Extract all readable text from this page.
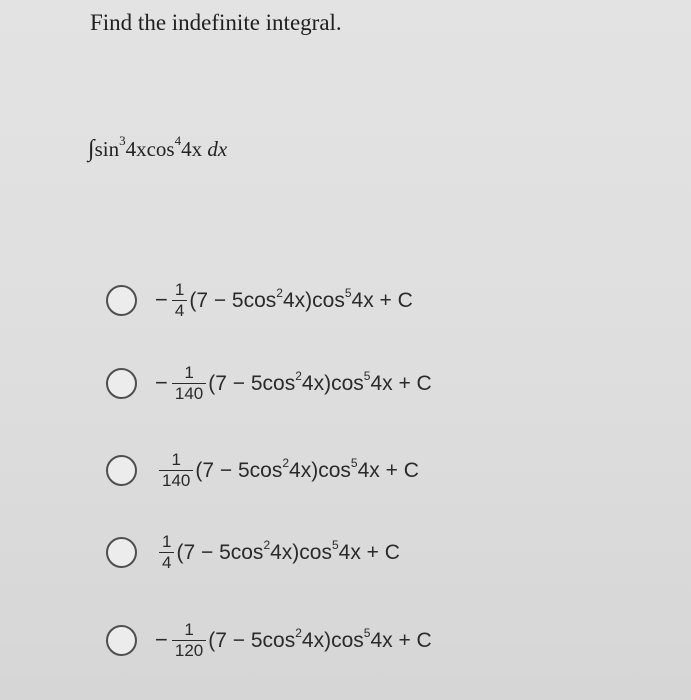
Find the indefinite integral.
$\int\sin^34xcos^44x$ dx
− $\frac{1}{4} (7 - 5\cos^24x)\cos^54x + C$
− $\frac{1}{140} (7 - 5\cos^24x)\cos^54x + C$
$\frac{1}{140} (7 - 5\cos^24x)\cos^54x + C$
$\frac{1}{4} (7 - 5\cos^24x)\cos^54x + C$
− $\frac{1}{120} (7 - 5\cos^24x)\cos^54x + C$
